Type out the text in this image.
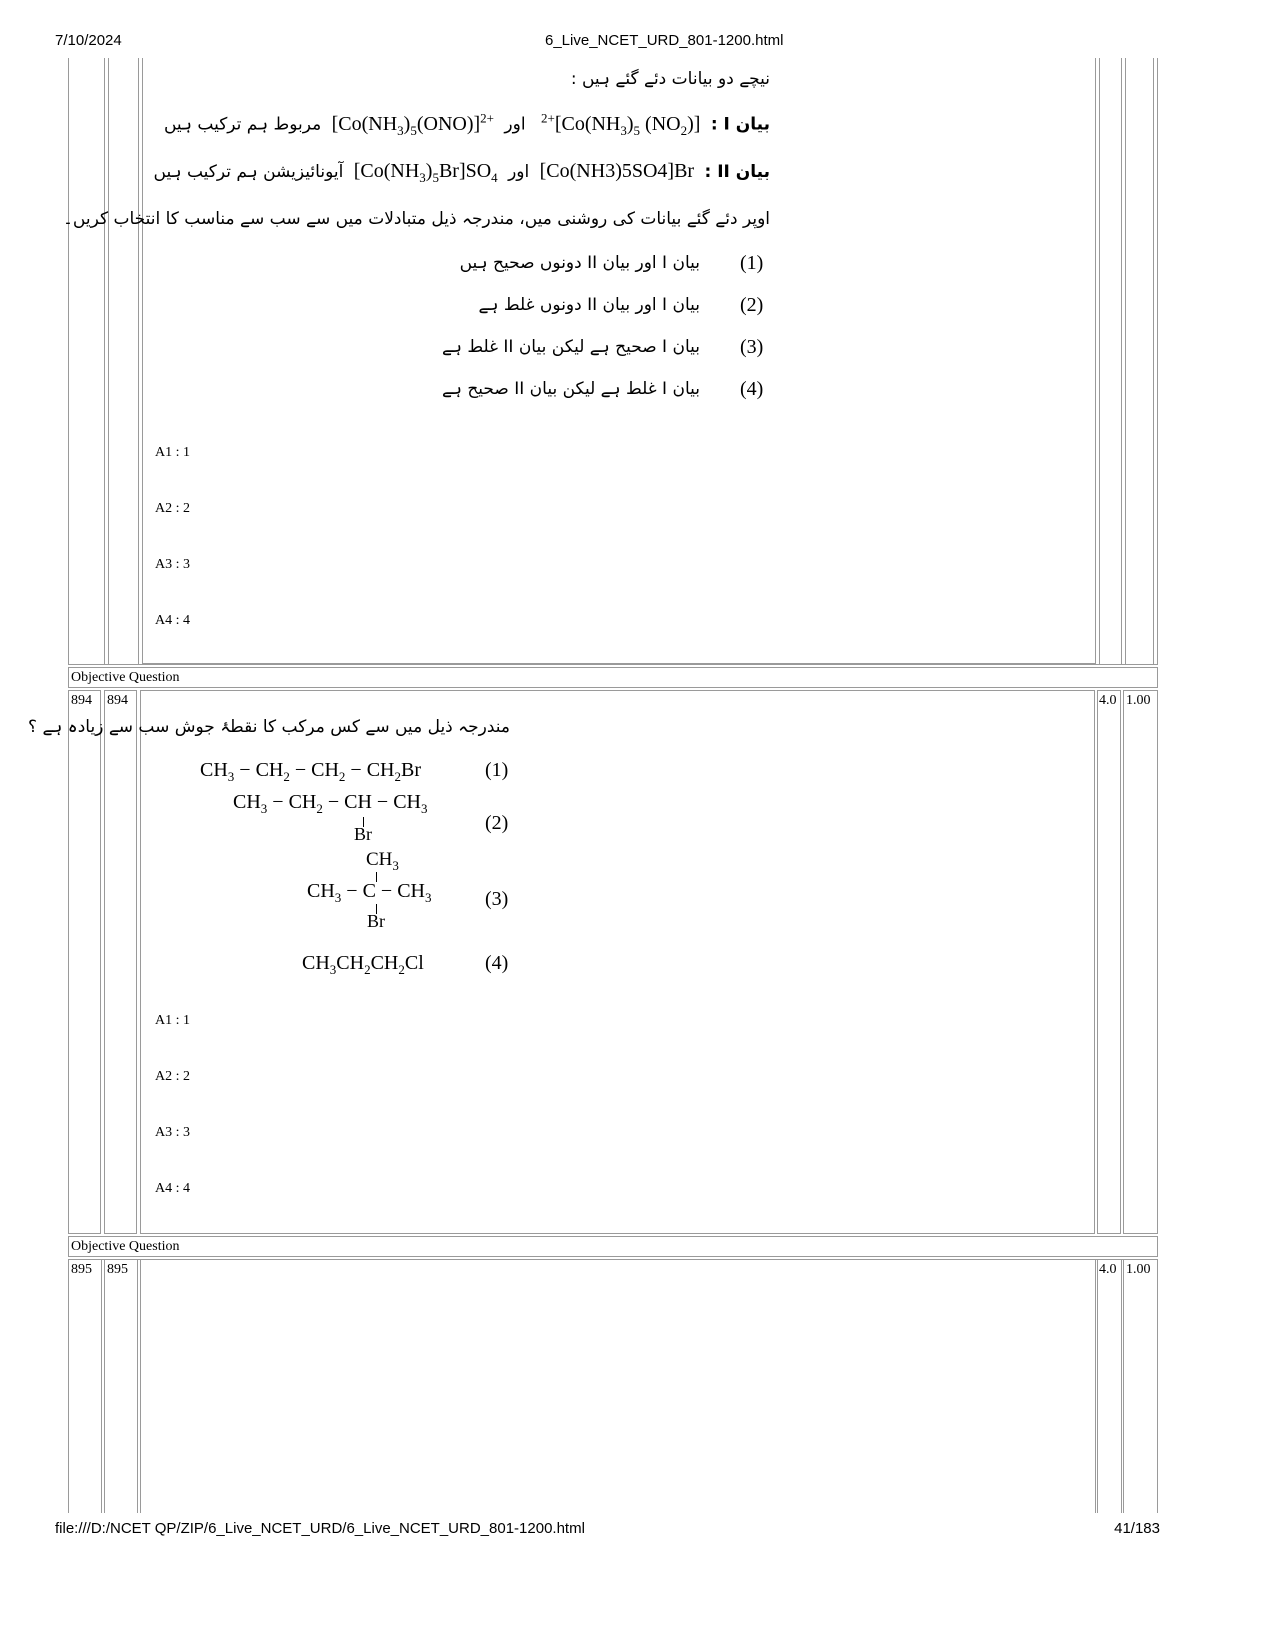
7/10/2024	6_Live_NCET_URD_801-1200.html
نیچے دو بیانات دئے گئے ہیں :
بیان I :   $^{2+}[Co(NH_3)_5$ $(NO_2)$]  اور  $[Co(NH_3)_5(ONO)]^{2+}$  مربوط ہم ترکیب ہیں
بیان II :  [Co(NH3)5SO4]Br  اور  $[Co(NH_3)_5Br]SO_4$  آیونائیزیشن ہم ترکیب ہیں
اوپر دئے گئے بیانات کی روشنی میں، مندرجہ ذیل متبادلات میں سے سب سے مناسب کا انتخاب کریں۔
بیان I اور بیان II دونوں صحیح ہیں (1)
بیان I اور بیان II دونوں غلط ہے (2)
بیان I صحیح ہے لیکن بیان II غلط ہے (3)
بیان I غلط ہے لیکن بیان II صحیح ہے (4)
A1 : 1
A2 : 2
A3 : 3
A4 : 4
Objective Question
894 894	4.0 1.00
مندرجہ ذیل میں سے کس مرکب کا نقطۂ جوش سب سے زیادہ ہے ؟
$CH_3 - CH_2 - CH_2 - CH_2Br$	(1)
$CH_3 - CH_2$ − CH − $CH_3$
Br	(2)
$CH_3$
$CH_3 - C - CH_3$
Br
(3)
$CH_3CH_2CH_2Cl$	(4)
A1 : 1
A2 : 2
A3 : 3
A4 : 4
Objective Question
895 895	4.0 1.00
file:///D:/NCET QP/ZIP/6_Live_NCET_URD/6_Live_NCET_URD_801-1200.html	41/183
